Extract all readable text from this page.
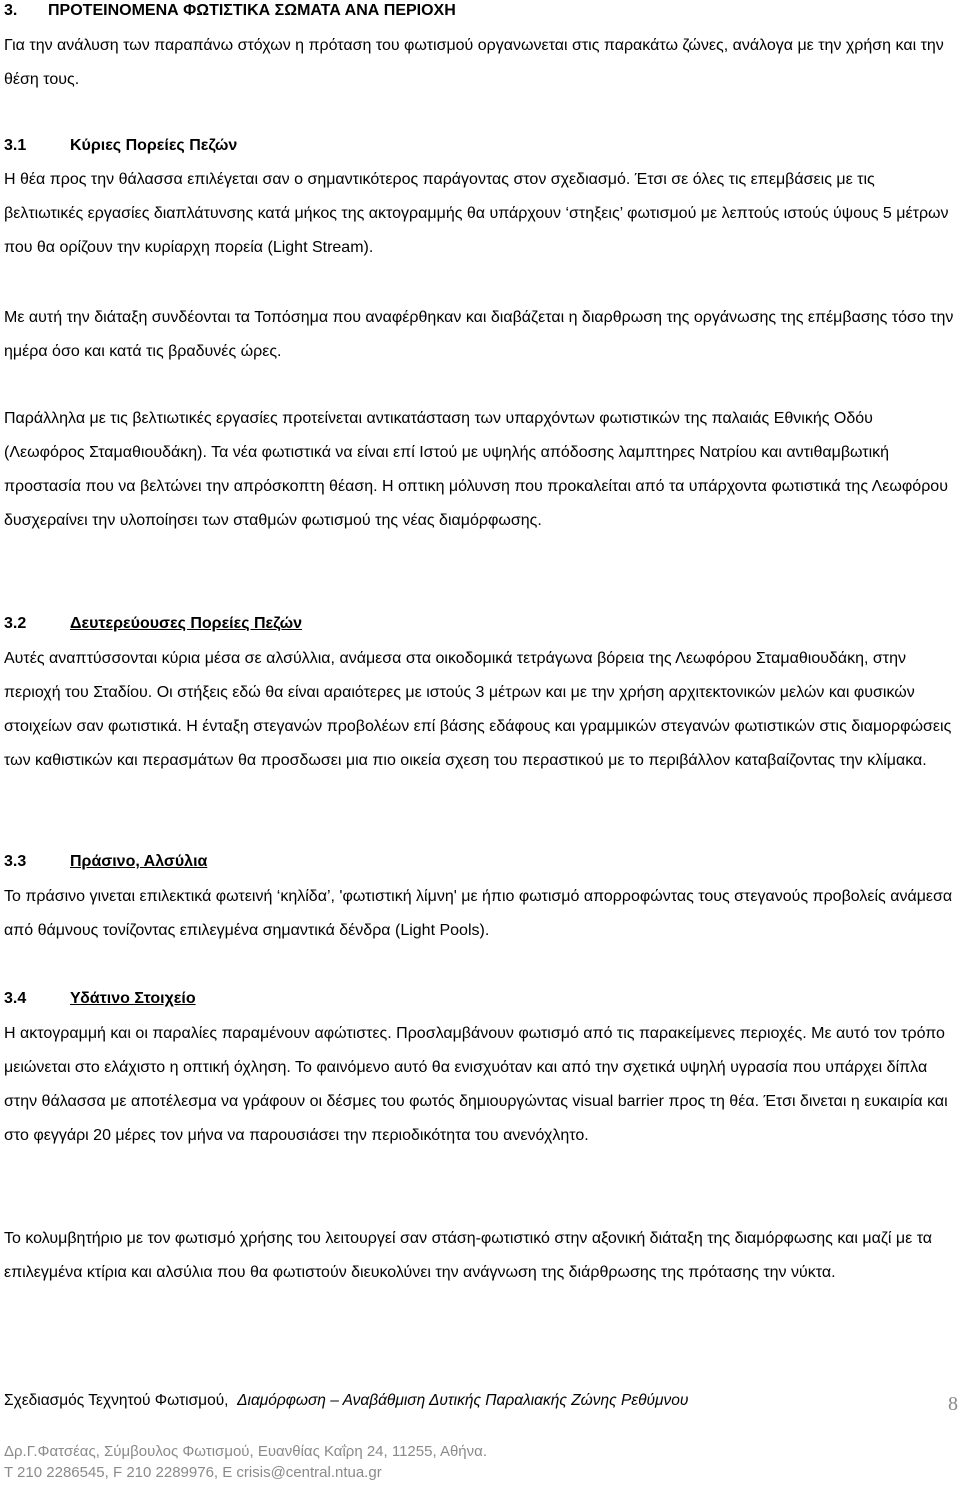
3. ΠΡΟΤΕΙΝΟΜΕΝΑ ΦΩΤΙΣΤΙΚΑ ΣΩΜΑΤΑ ΑΝΑ ΠΕΡΙΟΧΗ

Για την ανάλυση των παραπάνω στόχων η πρόταση του φωτισμού οργανωνεται στις παρακάτω ζώνες, ανάλογα με την χρήση και την θέση τους.

3.1	Κύριες Πορείες Πεζών

Η θέα προς την θάλασσα επιλέγεται σαν ο σημαντικότερος παράγοντας στον σχεδιασμό. Έτσι σε όλες τις επεμβάσεις με τις βελτιωτικές εργασίες διαπλάτυνσης κατά μήκος της ακτογραμμής θα υπάρχουν ‘στηξεις’ φωτισμού με λεπτούς ιστούς ύψους 5 μέτρων που θα ορίζουν την κυρίαρχη πορεία (Light Stream).

Με αυτή την διάταξη συνδέονται τα Τοπόσημα που αναφέρθηκαν και διαβάζεται η διαρθρωση της οργάνωσης της επέμβασης τόσο την ημέρα όσο και κατά τις βραδυνές ώρες.

Παράλληλα με τις βελτιωτικές εργασίες προτείνεται αντικατάσταση των υπαρχόντων φωτιστικών της παλαιάς Εθνικής Οδόυ (Λεωφόρος Σταμαθιουδάκη). Τα νέα φωτιστικά να είναι επί Ιστού με υψηλής απόδοσης λαμπτηρες Νατρίου και αντιθαμβωτική προστασία που να βελτώνει την απρόσκοπτη θέαση. Η οπτικη μόλυνση που προκαλείται από τα υπάρχοντα φωτιστικά της Λεωφόρου δυσχεραίνει την υλοποίησει των σταθμών φωτισμού της νέας διαμόρφωσης.

3.2	Δευτερεύουσες Πορείες Πεζών

Αυτές αναπτύσσονται κύρια μέσα σε αλσύλλια, ανάμεσα στα οικοδομικά τετράγωνα βόρεια της Λεωφόρου Σταμαθιουδάκη, στην περιοχή του Σταδίου. Οι στήξεις εδώ θα είναι αραιότερες με ιστούς 3 μέτρων και με την χρήση αρχιτεκτονικών μελών και φυσικών στοιχείων σαν φωτιστικά. Η ένταξη στεγανών προβολέων επί βάσης εδάφους και γραμμικών στεγανών φωτιστικών στις διαμορφώσεις των καθιστικών και περασμάτων θα προσδωσει μια πιο οικεία σχεση του περαστικού με το περιβάλλον καταβαίζοντας την κλίμακα.

3.3	Πράσινο, Αλσύλια

Το πράσινο γινεται επιλεκτικά φωτεινή ‘κηλίδα’, 'φωτιστική λίμνη' με ήπιο φωτισμό απορροφώντας τους στεγανούς προβολείς ανάμεσα από θάμνους τονίζοντας επιλεγμένα σημαντικά δένδρα (Light Pools).

3.4	Υδάτινο Στοιχείο

Η ακτογραμμή και οι παραλίες παραμένουν αφώτιστες. Προσλαμβάνουν φωτισμό από τις παρακείμενες περιοχές. Με αυτό τον τρόπο μειώνεται στο ελάχιστο η οπτική όχληση. Το φαινόμενο αυτό θα ενισχυόταν και από την σχετικά υψηλή υγρασία που υπάρχει δίπλα στην θάλασσα με αποτέλεσμα να γράφουν οι δέσμες του φωτός δημιουργώντας visual barrier προς τη θέα. Έτσι δινεται η ευκαιρία και στο φεγγάρι 20 μέρες τον μήνα να παρουσιάσει την περιοδικότητα του ανενόχλητο.

Το κολυμβητήριο με τον φωτισμό χρήσης του λειτουργεί σαν στάση-φωτιστικό στην αξονική διάταξη της διαμόρφωσης και μαζί με τα επιλεγμένα κτίρια και αλσύλια που θα φωτιστούν διευκολύνει την ανάγνωση της διάρθρωσης της πρότασης την νύκτα.

Σχεδιασμός Τεχνητού Φωτισμού, Διαμόρφωση – Αναβάθμιση Δυτικής Παραλιακής Ζώνης Ρεθύμνου	8
Δρ.Γ.Φατσέας, Σύμβουλος Φωτισμού, Ευανθίας Καΐρη 24, 11255, Αθήνα.
T 210 2286545, F 210 2289976, E crisis@central.ntua.gr
